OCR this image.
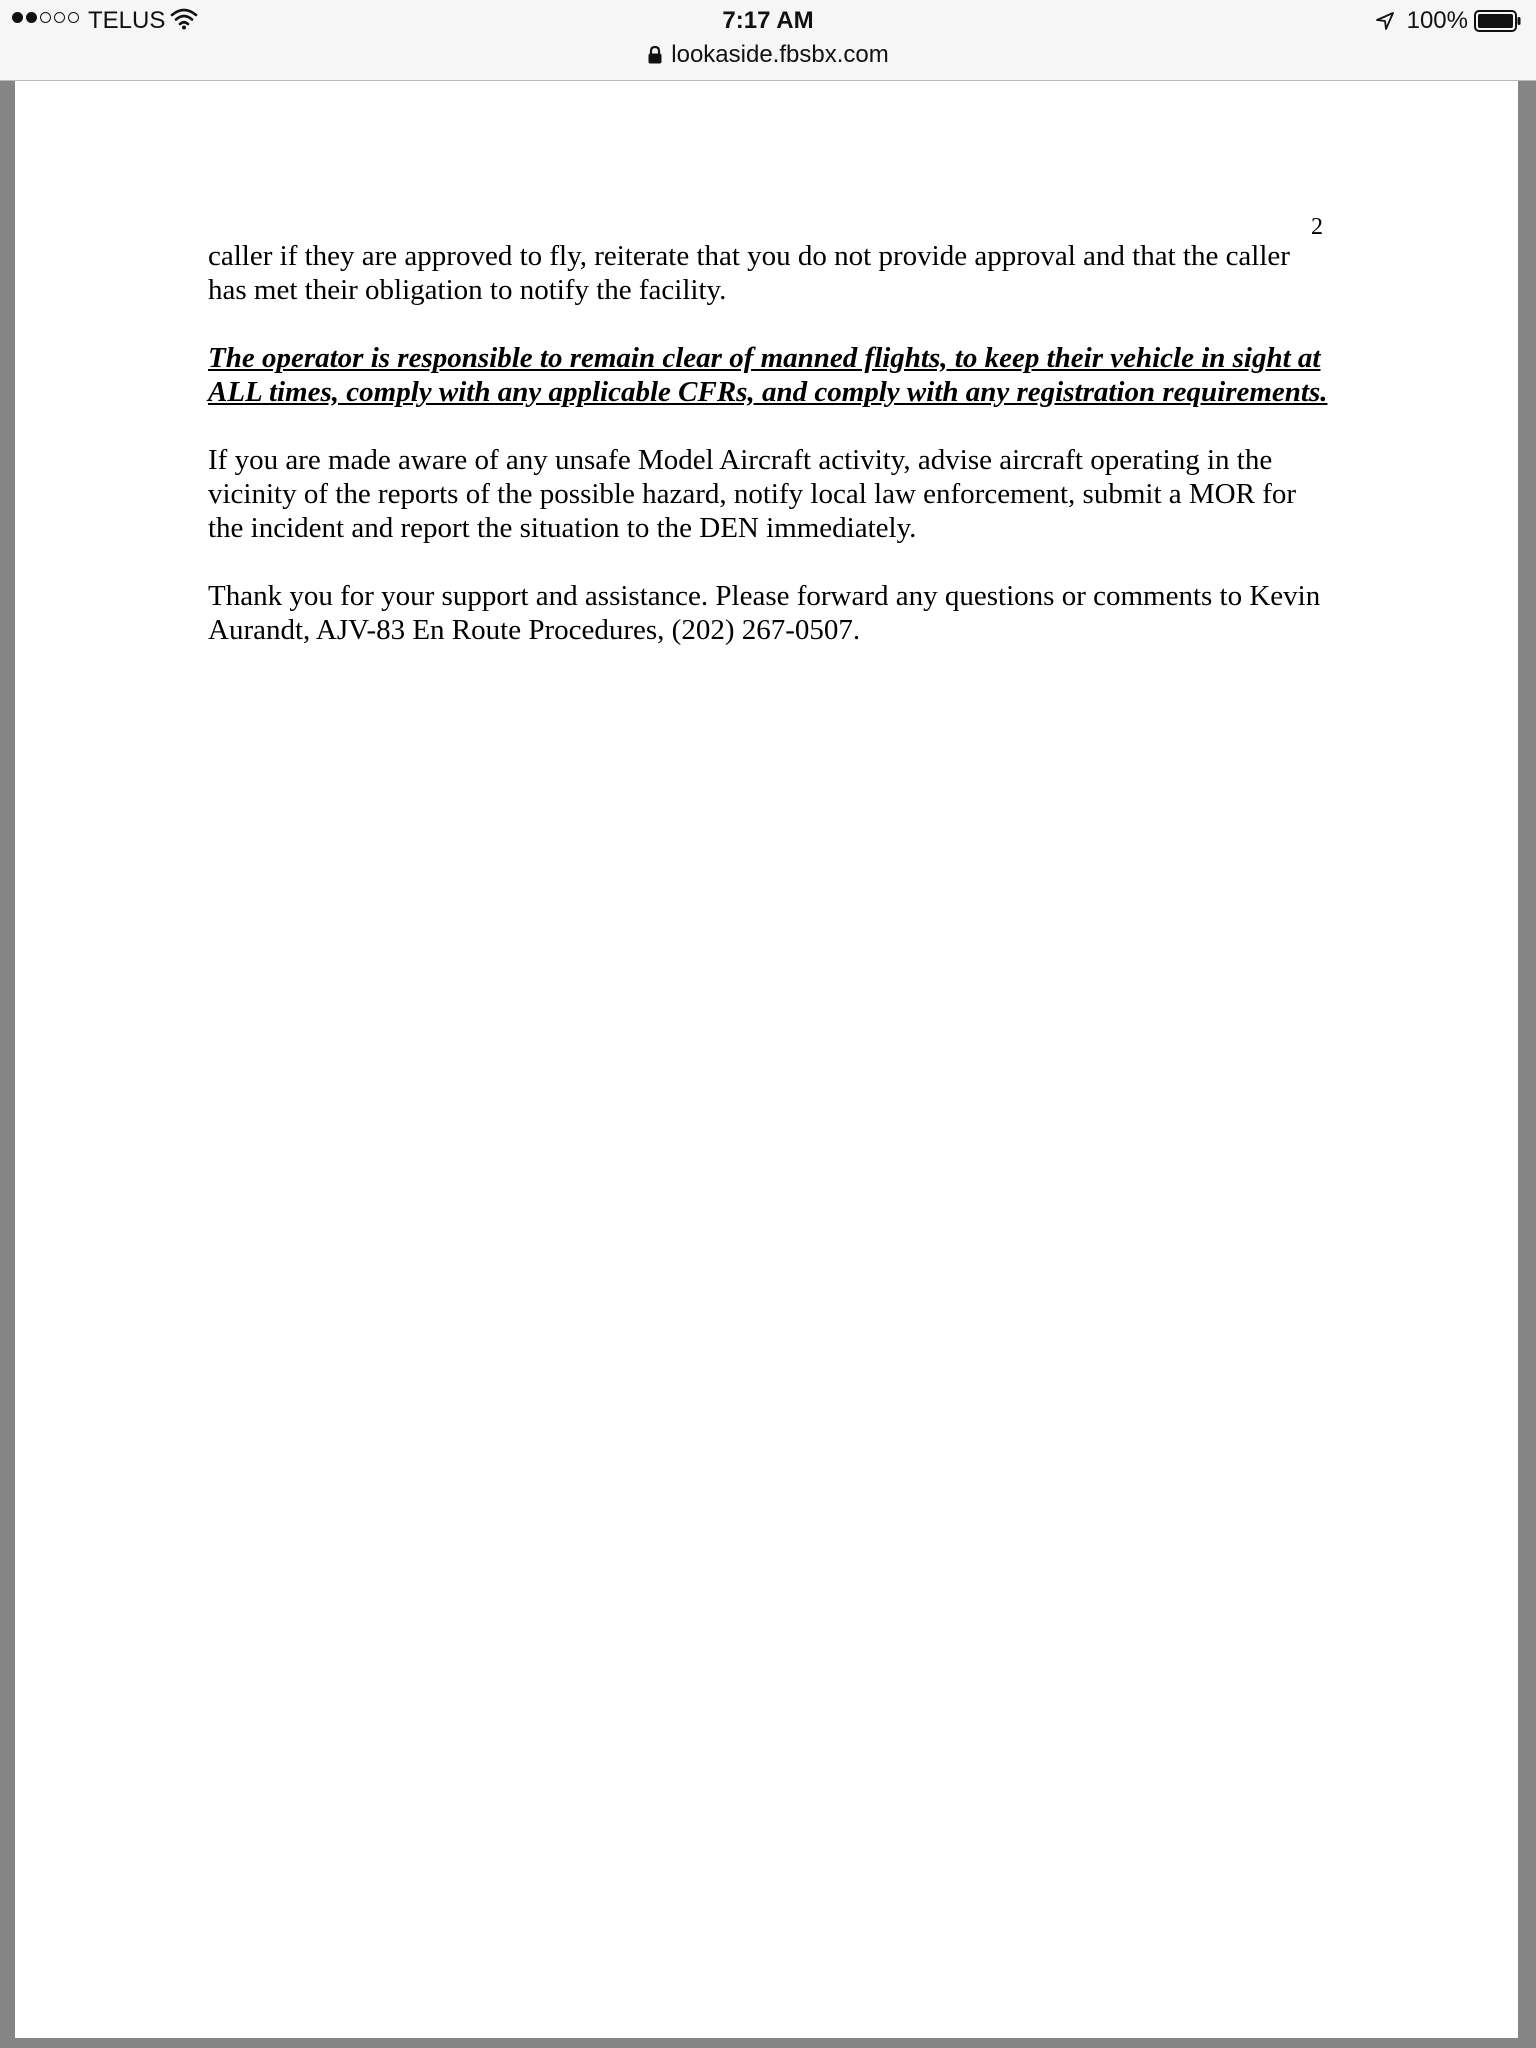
TELUS	7:17 AM
lookaside.fbsbx.com
100%
2

caller if they are approved to fly, reiterate that you do not provide approval and that the caller has met their obligation to notify the facility.

The operator is responsible to remain clear of manned flights, to keep their vehicle in sight at ALL times, comply with any applicable CFRs, and comply with any registration requirements.

If you are made aware of any unsafe Model Aircraft activity, advise aircraft operating in the vicinity of the reports of the possible hazard, notify local law enforcement, submit a MOR for the incident and report the situation to the DEN immediately.

Thank you for your support and assistance. Please forward any questions or comments to Kevin Aurandt, AJV-83 En Route Procedures, (202) 267-0507.
